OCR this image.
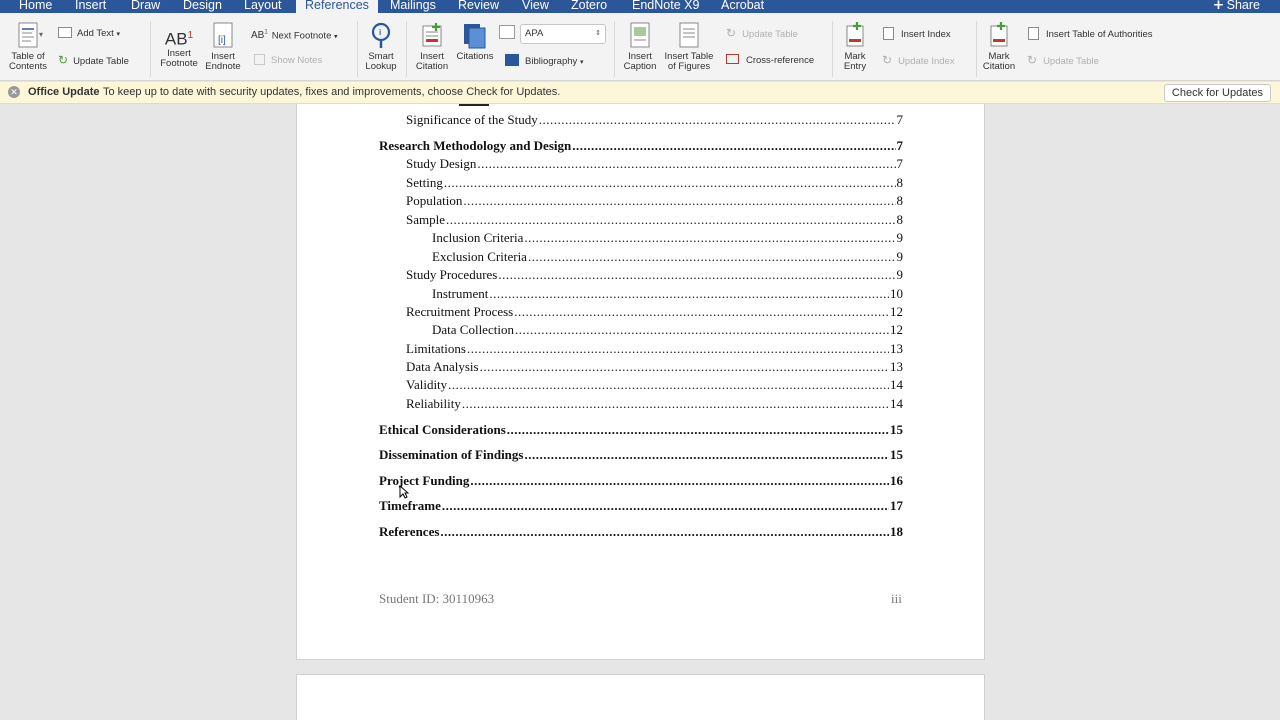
Home Insert Draw Design Layout	References	Mailings Review View Zotero EndNote X9 Acrobat	➕︎ Share
Table of
Contents
▾	Add Text ▾
↻ Update Table
$AB^1$
Insert
Footnote
[i]
Insert
Endnote
$AB^1$ Next Footnote ▾
Show Notes
i
Smart
Lookup
Insert
Citation
Citations
APA	⇕
Bibliography ▾
Insert
Caption
Insert Table
of Figures
↻ Update Table
Cross-reference	Mark
Entry
Insert Index
↻ Update Index	Mark
Citation
Insert Table of Authorities
↻ Update Table
✕ Office Update To keep up to date with security updates, fixes and improvements, choose Check for Updates.	Check for Updates
Significance of the Study .....	7
Research Methodology and Design .....	7
Study Design .....	7
Setting .....	8
Population .....	8
Sample .....	8
Inclusion Criteria .....	9
Exclusion Criteria .....	9
Study Procedures .....	9
Instrument .....	10
Recruitment Process .....	12
Data Collection .....	12
Limitations .....	13
Data Analysis .....	13
Validity .....	14
Reliability .....	14
Ethical Considerations .....	15
Dissemination of Findings .....	15
Project Funding .....	16
Timeframe .....	17
References .....	18
Student ID: 30110963	iii
